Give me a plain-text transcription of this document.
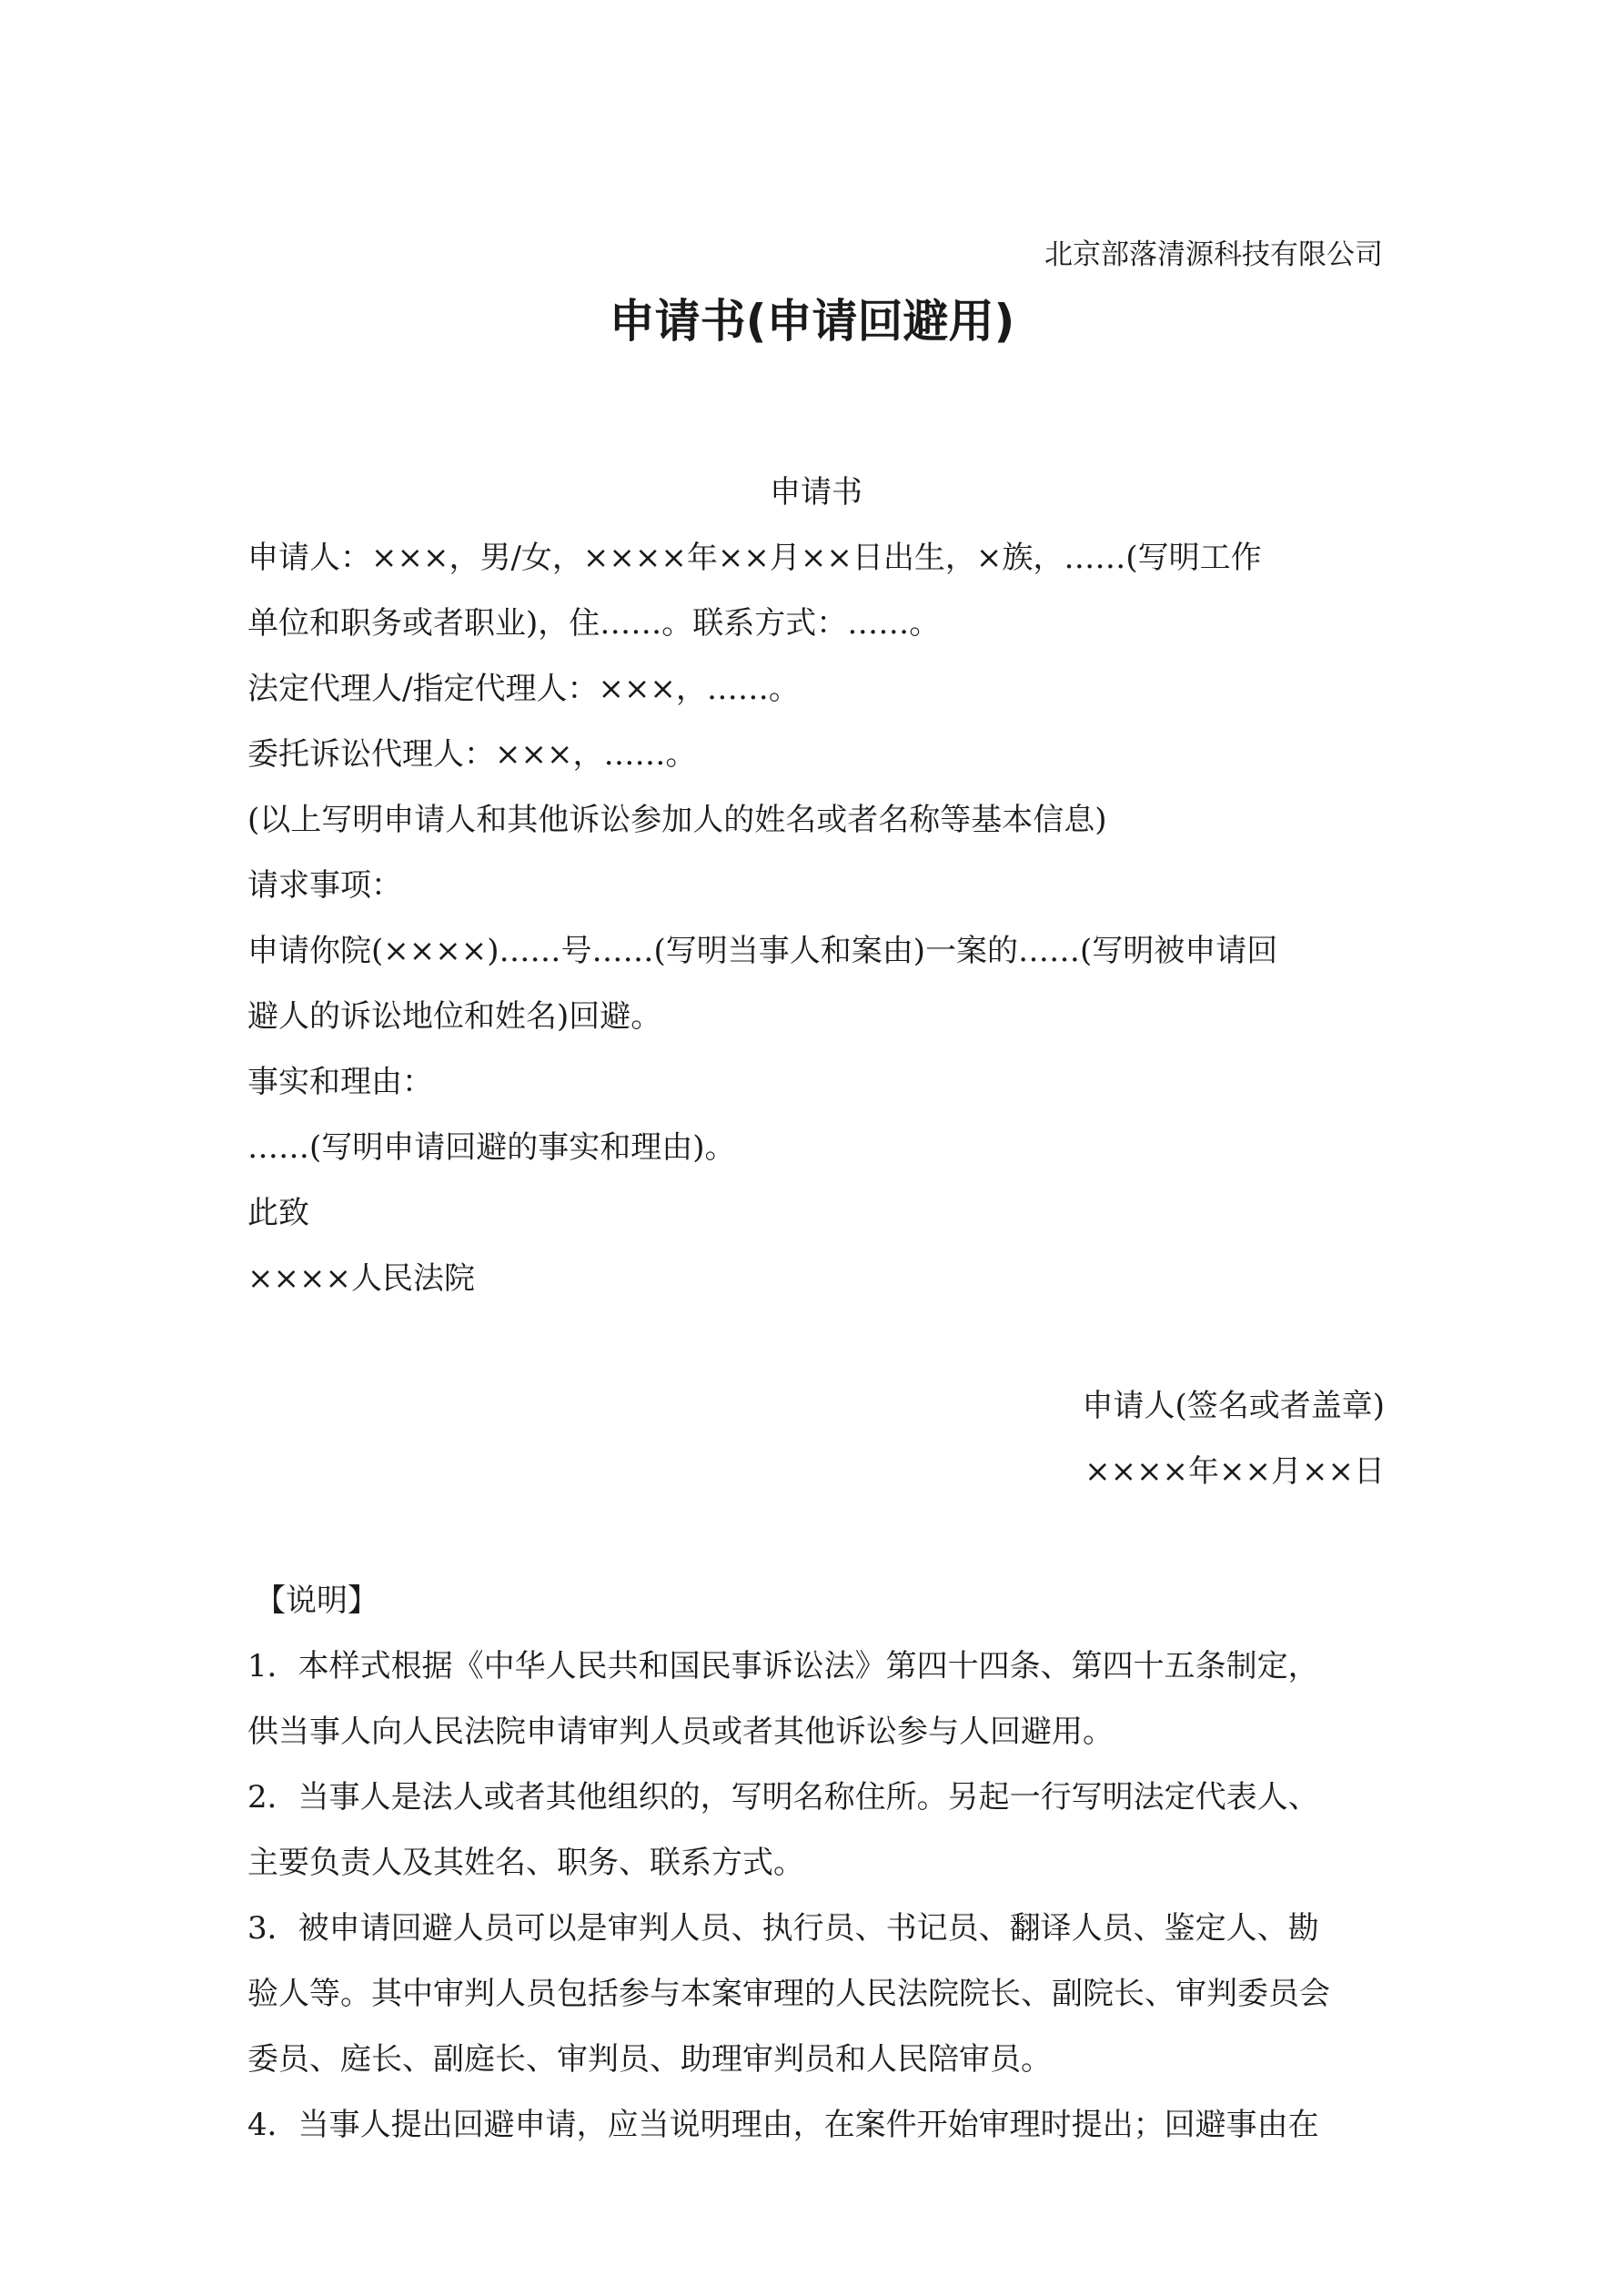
北京部落清源科技有限公司
申请书(申请回避用)
申请书
申请人：×××，男/女，××××年××月××日出生，×族，……(写明工作
单位和职务或者职业)，住……。联系方式：……。
法定代理人/指定代理人：×××，……。
委托诉讼代理人：×××，……。
(以上写明申请人和其他诉讼参加人的姓名或者名称等基本信息)
请求事项：
申请你院(××××)……号……(写明当事人和案由)一案的……(写明被申请回
避人的诉讼地位和姓名)回避。
事实和理由：
……(写明申请回避的事实和理由)。
此致
××××人民法院
申请人(签名或者盖章)
××××年××月××日
【说明】
1．本样式根据《中华人民共和国民事诉讼法》第四十四条、第四十五条制定，
供当事人向人民法院申请审判人员或者其他诉讼参与人回避用。
2．当事人是法人或者其他组织的，写明名称住所。另起一行写明法定代表人、
主要负责人及其姓名、职务、联系方式。
3．被申请回避人员可以是审判人员、执行员、书记员、翻译人员、鉴定人、勘
验人等。其中审判人员包括参与本案审理的人民法院院长、副院长、审判委员会
委员、庭长、副庭长、审判员、助理审判员和人民陪审员。
4．当事人提出回避申请，应当说明理由，在案件开始审理时提出；回避事由在
